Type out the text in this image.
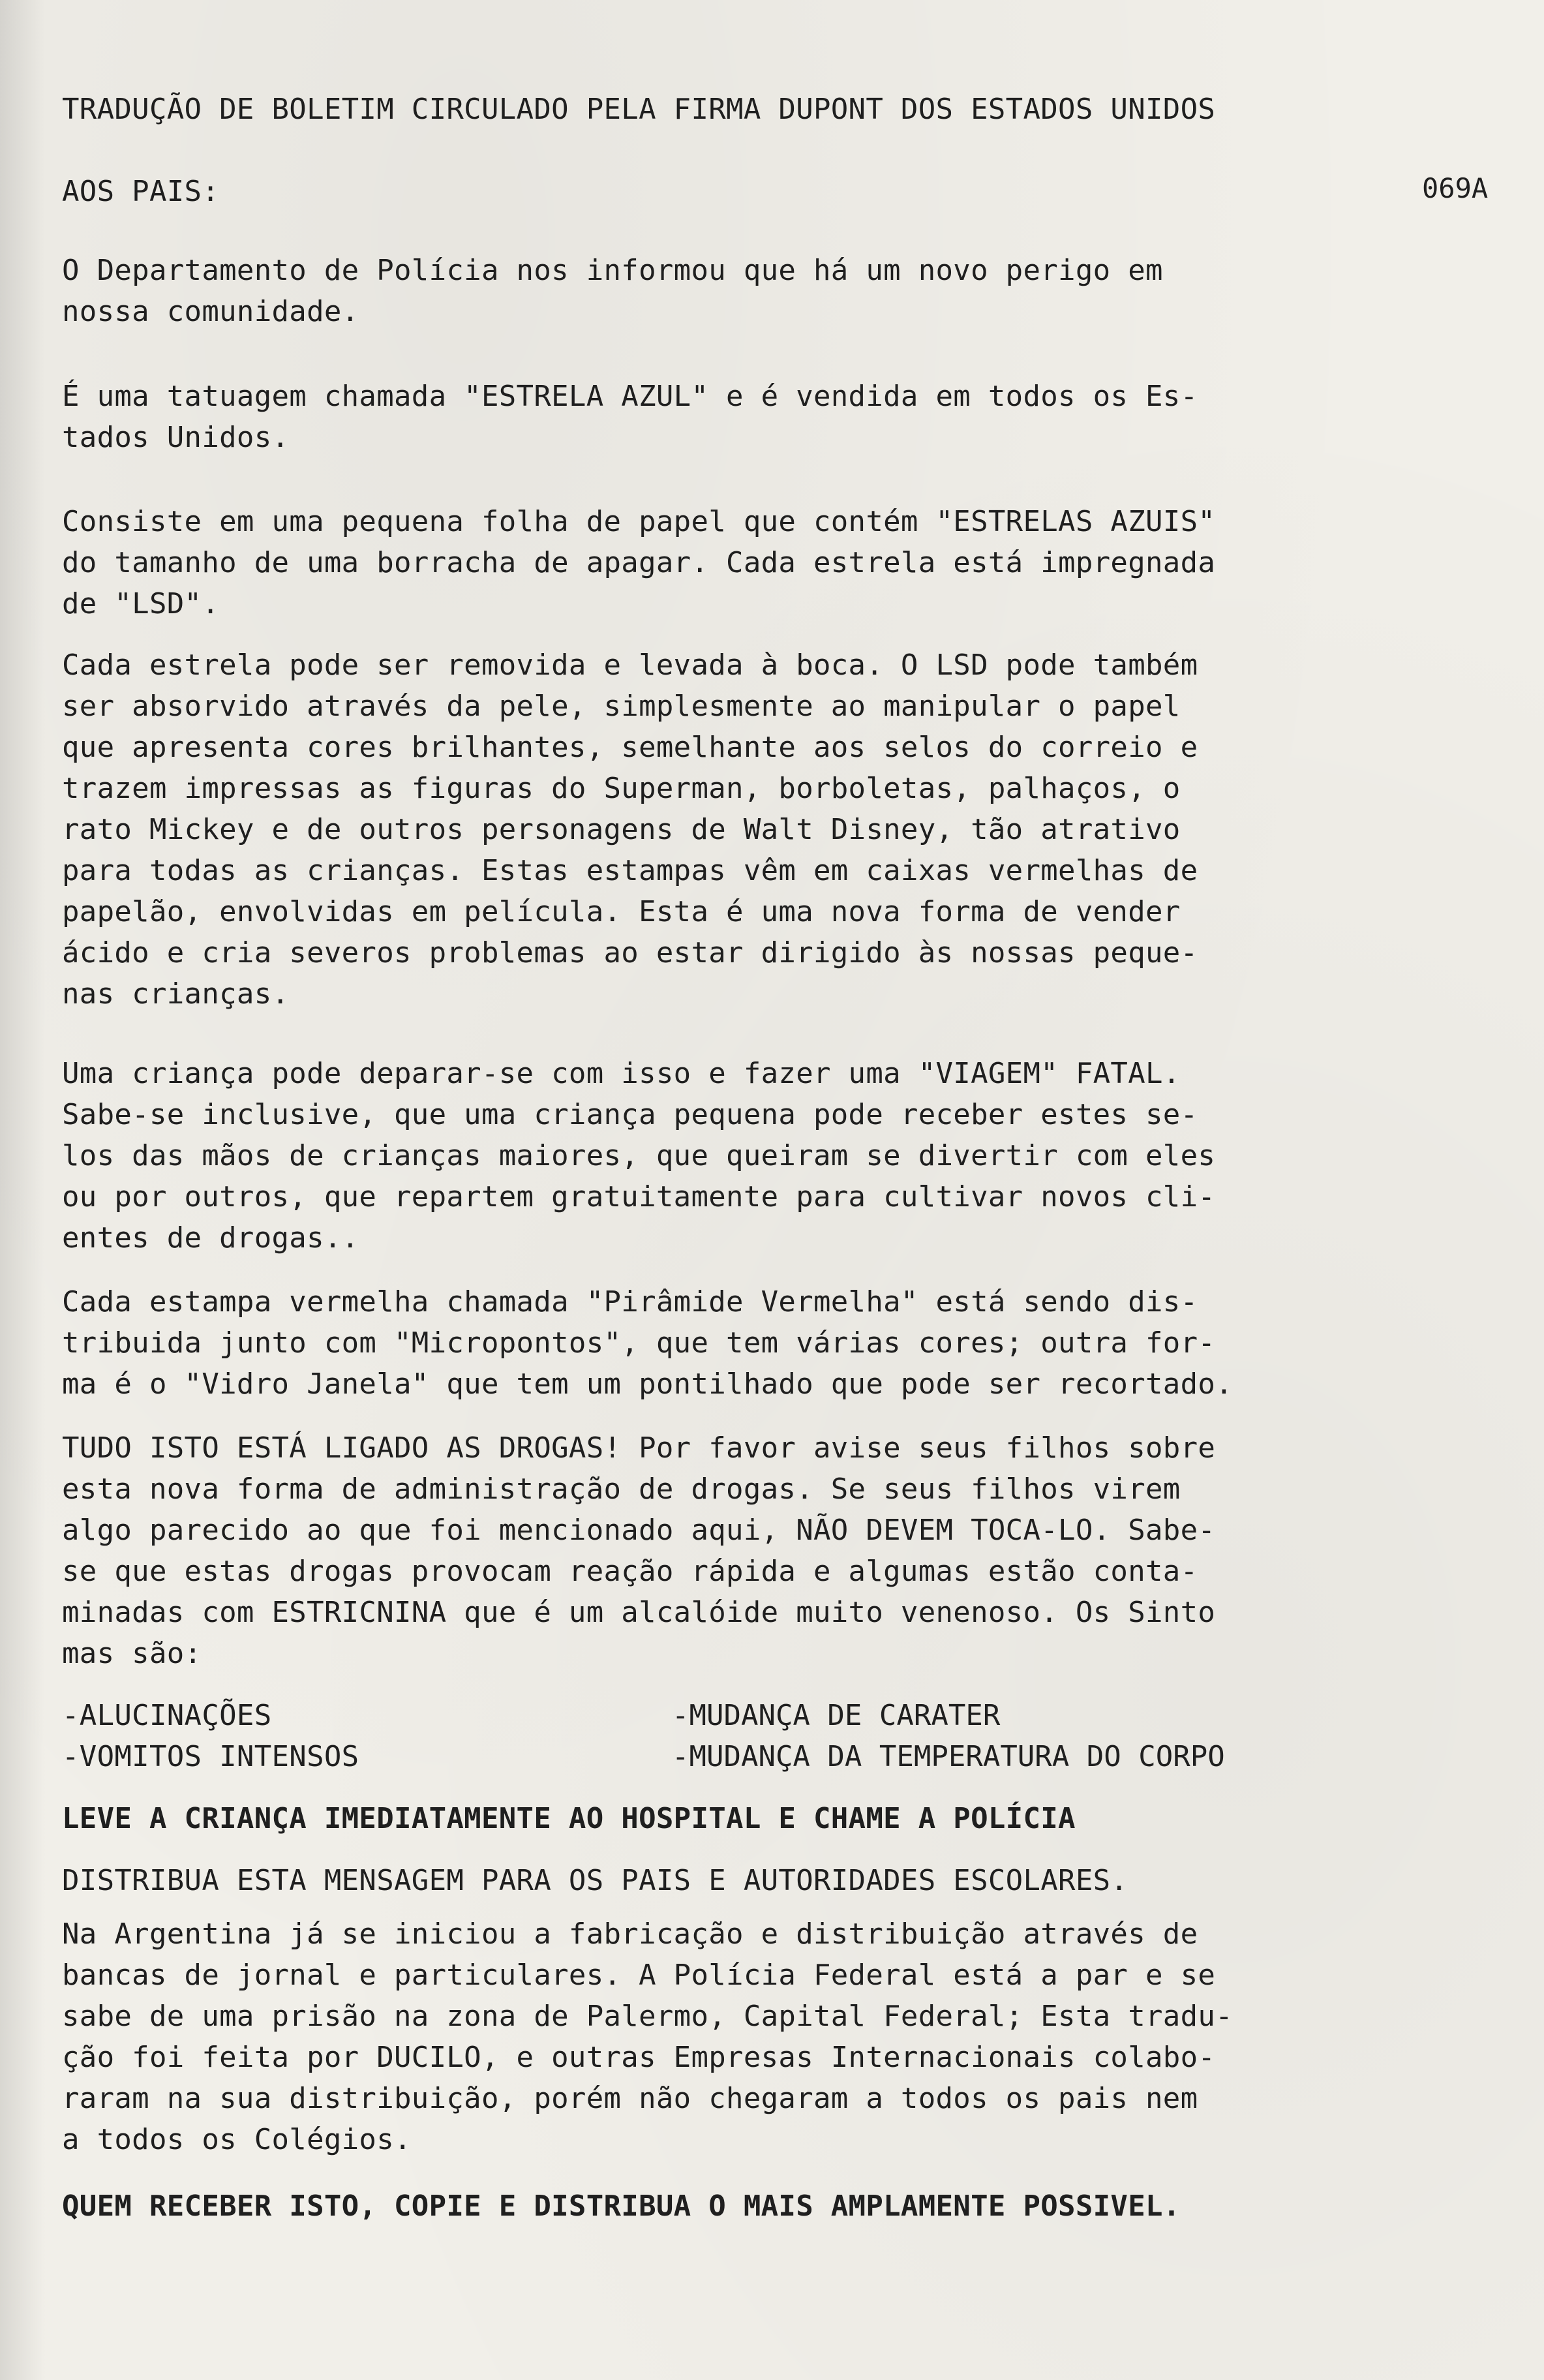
TRADUÇÃO DE BOLETIM CIRCULADO PELA FIRMA DUPONT DOS ESTADOS UNIDOS

AOS PAIS:	069A

O Departamento de Polícia nos informou que há um novo perigo em

nossa comunidade.

É uma tatuagem chamada "ESTRELA AZUL" e é vendida em todos os Es-

tados Unidos.

Consiste em uma pequena folha de papel que contém "ESTRELAS AZUIS"

do tamanho de uma borracha de apagar. Cada estrela está impregnada

de "LSD".

Cada estrela pode ser removida e levada à boca. O LSD pode também

ser absorvido através da pele, simplesmente ao manipular o papel

que apresenta cores brilhantes, semelhante aos selos do correio e

trazem impressas as figuras do Superman, borboletas, palhaços, o

rato Mickey e de outros personagens de Walt Disney, tão atrativo

para todas as crianças. Estas estampas vêm em caixas vermelhas de

papelão, envolvidas em película. Esta é uma nova forma de vender

ácido e cria severos problemas ao estar dirigido às nossas peque-

nas crianças.

Uma criança pode deparar-se com isso e fazer uma "VIAGEM" FATAL.

Sabe-se inclusive, que uma criança pequena pode receber estes se-

los das mãos de crianças maiores, que queiram se divertir com eles

ou por outros, que repartem gratuitamente para cultivar novos cli-

entes de drogas..

Cada estampa vermelha chamada "Pirâmide Vermelha" está sendo dis-

tribuida junto com "Micropontos", que tem várias cores; outra for-

ma é o "Vidro Janela" que tem um pontilhado que pode ser recortado.

TUDO ISTO ESTÁ LIGADO AS DROGAS! Por favor avise seus filhos sobre

esta nova forma de administração de drogas. Se seus filhos virem

algo parecido ao que foi mencionado aqui, NÃO DEVEM TOCA-LO. Sabe-

se que estas drogas provocam reação rápida e algumas estão conta-

minadas com ESTRICNINA que é um alcalóide muito venenoso. Os Sinto

mas são:

-ALUCINAÇÕES

-VOMITOS INTENSOS

-MUDANÇA DE CARATER

-MUDANÇA DA TEMPERATURA DO CORPO

LEVE A CRIANÇA IMEDIATAMENTE AO HOSPITAL E CHAME A POLÍCIA

DISTRIBUA ESTA MENSAGEM PARA OS PAIS E AUTORIDADES ESCOLARES.

Na Argentina já se iniciou a fabricação e distribuição através de

bancas de jornal e particulares. A Polícia Federal está a par e se

sabe de uma prisão na zona de Palermo, Capital Federal; Esta tradu-

ção foi feita por DUCILO, e outras Empresas Internacionais colabo-

raram na sua distribuição, porém não chegaram a todos os pais nem

a todos os Colégios.

QUEM RECEBER ISTO, COPIE E DISTRIBUA O MAIS AMPLAMENTE POSSIVEL.
